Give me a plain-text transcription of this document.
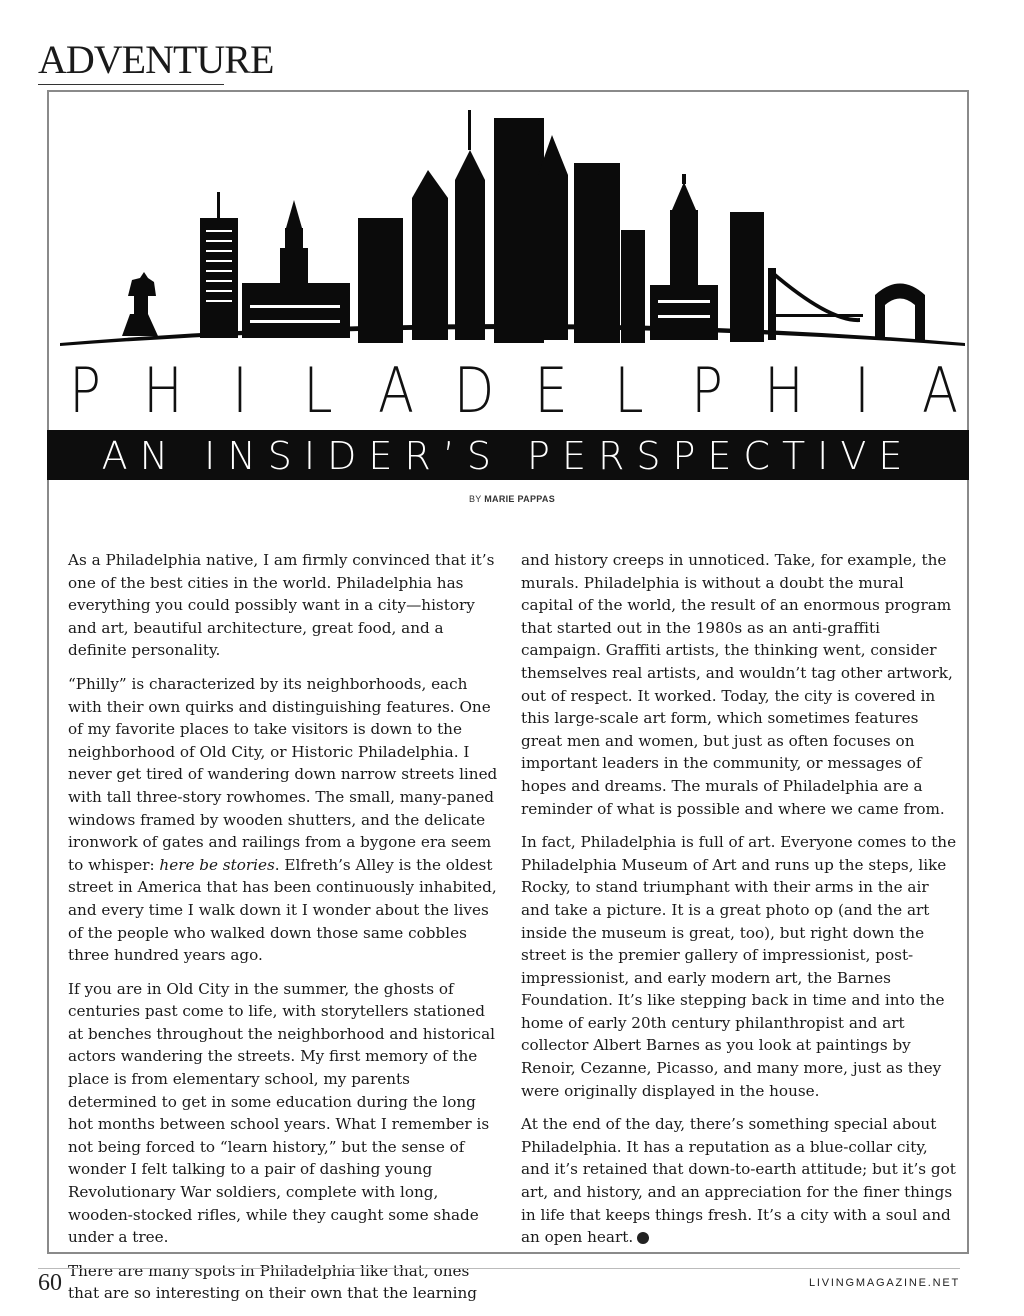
ADVENTURE
P H I L A D E L P H I A
AN INSIDER’S PERSPECTIVE
BY MARIE PAPPAS

As a Philadelphia native, I am firmly convinced that it’s one of the best cities in the world. Philadelphia has everything you could possibly want in a city—history and art, beautiful architecture, great food, and a definite personality.

“Philly” is characterized by its neighborhoods, each with their own quirks and distinguishing features. One of my favorite places to take visitors is down to the neighborhood of Old City, or Historic Philadelphia. I never get tired of wandering down narrow streets lined with tall three-story rowhomes. The small, many-paned windows framed by wooden shutters, and the delicate ironwork of gates and railings from a bygone era seem to whisper: here be stories. Elfreth’s Alley is the oldest street in America that has been continuously inhabited, and every time I walk down it I wonder about the lives of the people who walked down those same cobbles three hundred years ago.

If you are in Old City in the summer, the ghosts of centuries past come to life, with storytellers stationed at benches throughout the neighborhood and historical actors wandering the streets. My first memory of the place is from elementary school, my parents determined to get in some education during the long hot months between school years. What I remember is not being forced to “learn history,” but the sense of wonder I felt talking to a pair of dashing young Revolutionary War soldiers, complete with long, wooden-stocked rifles, while they caught some shade under a tree.

There are many spots in Philadelphia like that, ones that are so interesting on their own that the learning

and history creeps in unnoticed. Take, for example, the murals. Philadelphia is without a doubt the mural capital of the world, the result of an enormous program that started out in the 1980s as an anti-graffiti campaign. Graffiti artists, the thinking went, consider themselves real artists, and wouldn’t tag other artwork, out of respect. It worked. Today, the city is covered in this large-scale art form, which sometimes features great men and women, but just as often focuses on important leaders in the community, or messages of hopes and dreams. The murals of Philadelphia are a reminder of what is possible and where we came from.

In fact, Philadelphia is full of art. Everyone comes to the Philadelphia Museum of Art and runs up the steps, like Rocky, to stand triumphant with their arms in the air and take a picture. It is a great photo op (and the art inside the museum is great, too), but right down the street is the premier gallery of impressionist, post-impressionist, and early modern art, the Barnes Foundation. It’s like stepping back in time and into the home of early 20th century philanthropist and art collector Albert Barnes as you look at paintings by Renoir, Cezanne, Picasso, and many more, just as they were originally displayed in the house.

At the end of the day, there’s something special about Philadelphia. It has a reputation as a blue-collar city, and it’s retained that down-to-earth attitude; but it’s got art, and history, and an appreciation for the finer things in life that keeps things fresh. It’s a city with a soul and an open heart.

60	LIVINGMAGAZINE.NET
